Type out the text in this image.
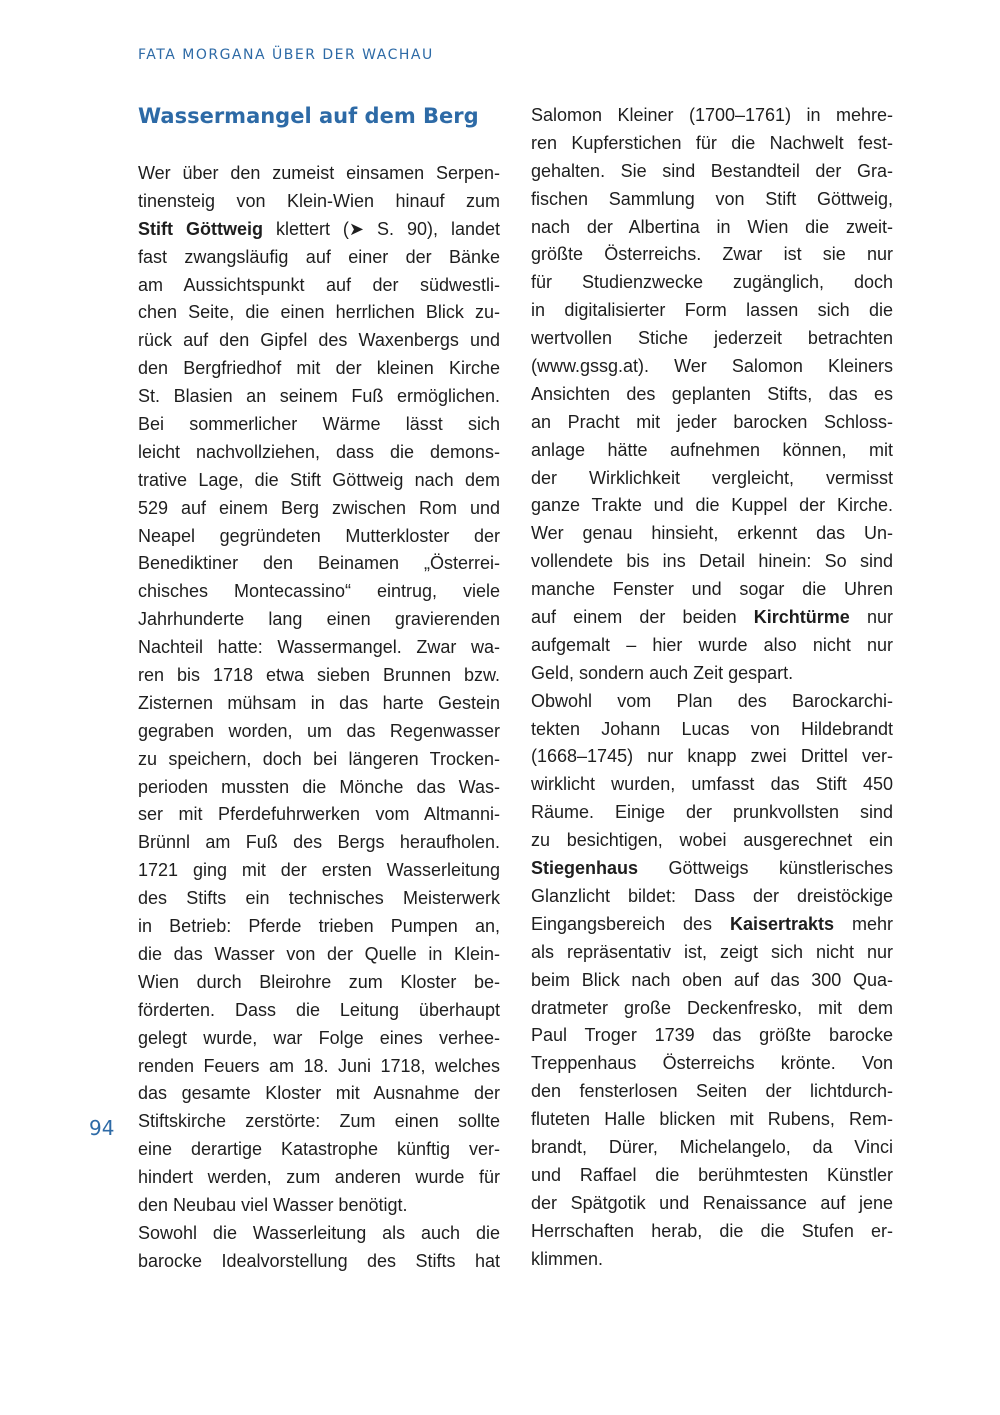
FATA MORGANA ÜBER DER WACHAU
Wassermangel auf dem Berg
Wer über den zumeist einsamen Serpen-
tinensteig von Klein-Wien hinauf zum
Stift Göttweig klettert (➤ S. 90), landet
fast zwangsläufig auf einer der Bänke
am Aussichtspunkt auf der südwestli-
chen Seite, die einen herrlichen Blick zu-
rück auf den Gipfel des Waxenbergs und
den Bergfriedhof mit der kleinen Kirche
St. Blasien an seinem Fuß ermöglichen.
Bei sommerlicher Wärme lässt sich
leicht nachvollziehen, dass die demons-
trative Lage, die Stift Göttweig nach dem
529 auf einem Berg zwischen Rom und
Neapel gegründeten Mutterkloster der
Benediktiner den Beinamen „Österrei-
chisches Montecassino“ eintrug, viele
Jahrhunderte lang einen gravierenden
Nachteil hatte: Wassermangel. Zwar wa-
ren bis 1718 etwa sieben Brunnen bzw.
Zisternen mühsam in das harte Gestein
gegraben worden, um das Regenwasser
zu speichern, doch bei längeren Trocken-
perioden mussten die Mönche das Was-
ser mit Pferdefuhrwerken vom Altmanni-
Brünnl am Fuß des Bergs heraufholen.
1721 ging mit der ersten Wasserleitung
des Stifts ein technisches Meisterwerk
in Betrieb: Pferde trieben Pumpen an,
die das Wasser von der Quelle in Klein-
Wien durch Bleirohre zum Kloster be-
förderten. Dass die Leitung überhaupt
gelegt wurde, war Folge eines verhee-
renden Feuers am 18. Juni 1718, welches
das gesamte Kloster mit Ausnahme der
Stiftskirche zerstörte: Zum einen sollte
eine derartige Katastrophe künftig ver-
hindert werden, zum anderen wurde für
den Neubau viel Wasser benötigt.
Sowohl die Wasserleitung als auch die
barocke Idealvorstellung des Stifts hat
Salomon Kleiner (1700–1761) in mehre-
ren Kupferstichen für die Nachwelt fest-
gehalten. Sie sind Bestandteil der Gra-
fischen Sammlung von Stift Göttweig,
nach der Albertina in Wien die zweit-
größte Österreichs. Zwar ist sie nur
für Studienzwecke zugänglich, doch
in digitalisierter Form lassen sich die
wertvollen Stiche jederzeit betrachten
(www.gssg.at). Wer Salomon Kleiners
Ansichten des geplanten Stifts, das es
an Pracht mit jeder barocken Schloss-
anlage hätte aufnehmen können, mit
der Wirklichkeit vergleicht, vermisst
ganze Trakte und die Kuppel der Kirche.
Wer genau hinsieht, erkennt das Un-
vollendete bis ins Detail hinein: So sind
manche Fenster und sogar die Uhren
auf einem der beiden Kirchtürme nur
aufgemalt – hier wurde also nicht nur
Geld, sondern auch Zeit gespart.
Obwohl vom Plan des Barockarchi-
tekten Johann Lucas von Hildebrandt
(1668–1745) nur knapp zwei Drittel ver-
wirklicht wurden, umfasst das Stift 450
Räume. Einige der prunkvollsten sind
zu besichtigen, wobei ausgerechnet ein
Stiegenhaus Göttweigs künstlerisches
Glanzlicht bildet: Dass der dreistöckige
Eingangsbereich des Kaisertrakts mehr
als repräsentativ ist, zeigt sich nicht nur
beim Blick nach oben auf das 300 Qua-
dratmeter große Deckenfresko, mit dem
Paul Troger 1739 das größte barocke
Treppenhaus Österreichs krönte. Von
den fensterlosen Seiten der lichtdurch-
fluteten Halle blicken mit Rubens, Rem-
brandt, Dürer, Michelangelo, da Vinci
und Raffael die berühmtesten Künstler
der Spätgotik und Renaissance auf jene
Herrschaften herab, die die Stufen er-
klimmen.
94
